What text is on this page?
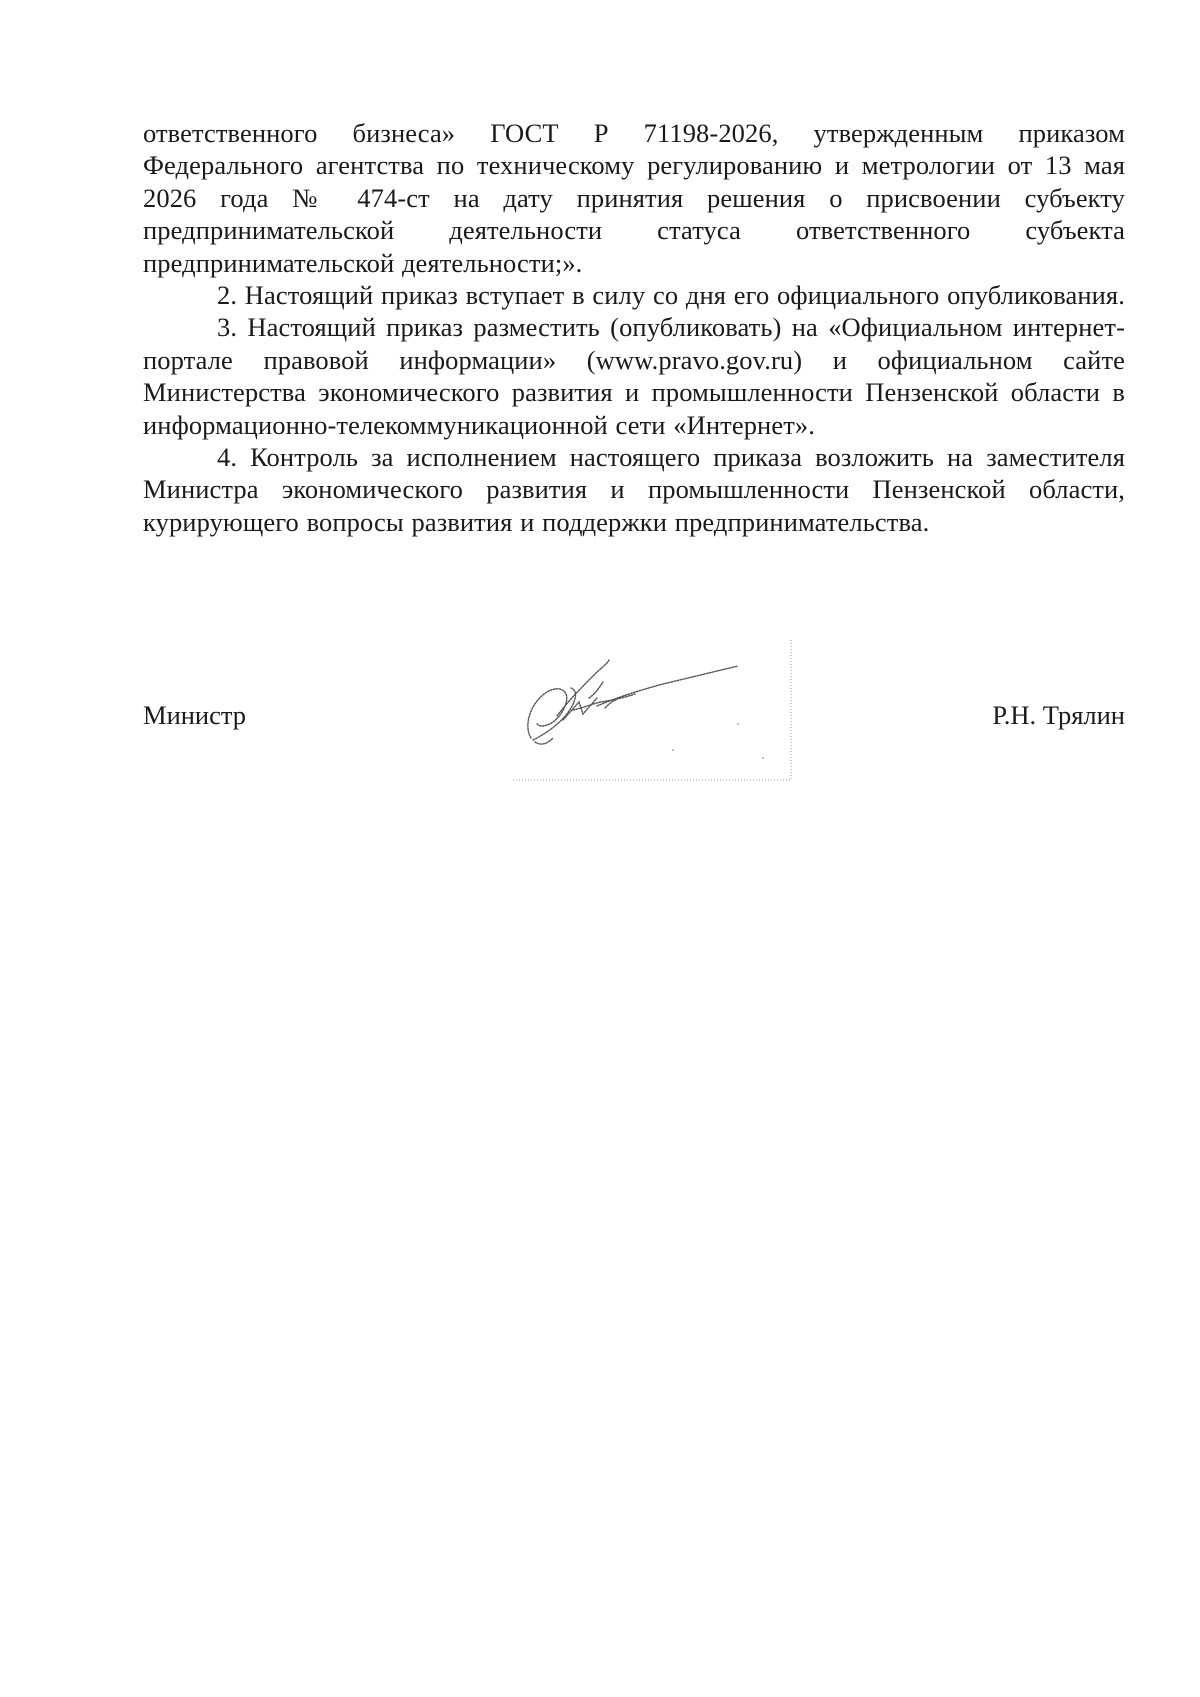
ответственного бизнеса» ГОСТ Р 71198-2026, утвержденным приказом Федерального агентства по техническому регулированию и метрологии от 13 мая 2026 года № 474-ст на дату принятия решения о присвоении субъекту предпринимательской деятельности статуса ответственного субъекта предпринимательской деятельности;».

2. Настоящий приказ вступает в силу со дня его официального опубликования.

3. Настоящий приказ разместить (опубликовать) на «Официальном интернет-портале правовой информации» (www.pravo.gov.ru) и официальном сайте Министерства экономического развития и промышленности Пензенской области в информационно-телекоммуникационной сети «Интернет».

4. Контроль за исполнением настоящего приказа возложить на заместителя Министра экономического развития и промышленности Пензенской области, курирующего вопросы развития и поддержки предпринимательства.

Министр	Р.Н. Трялин
